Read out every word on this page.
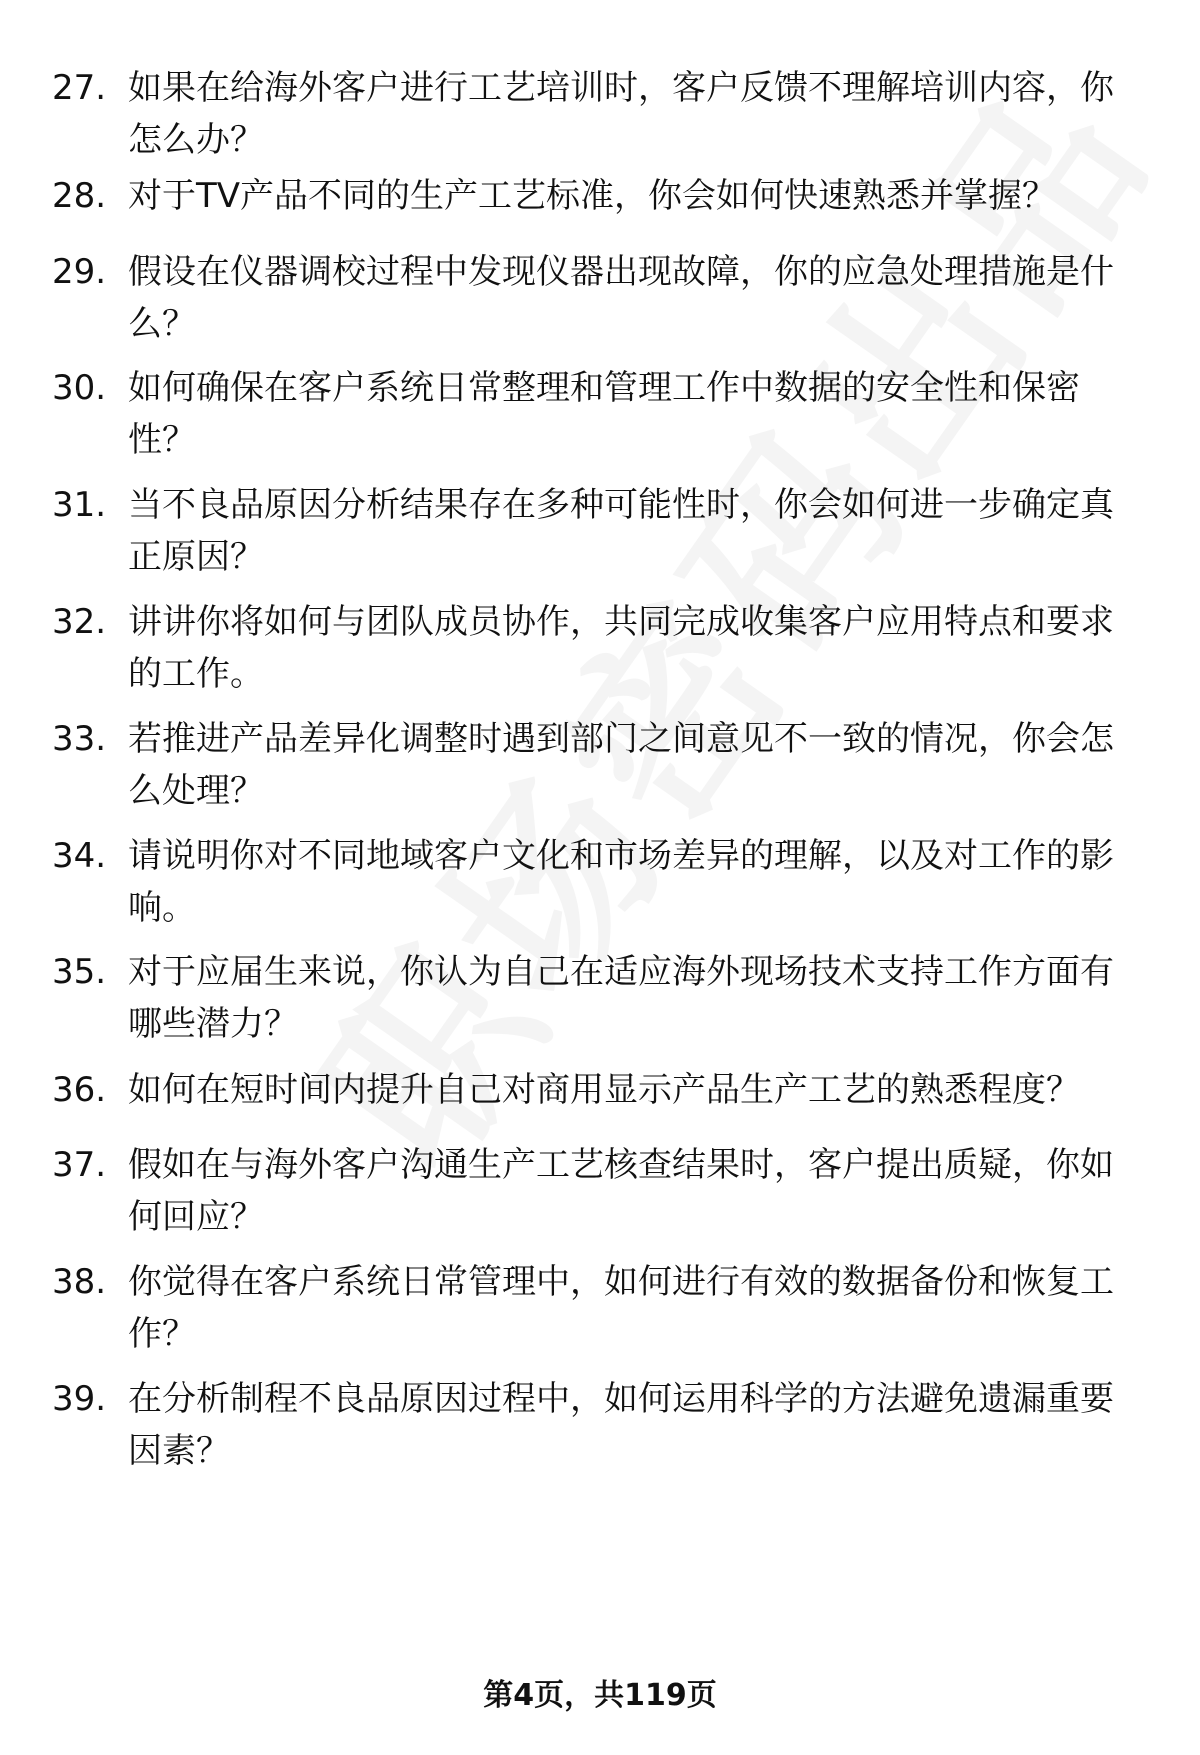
27. 如果在给海外客户进行工艺培训时，客户反馈不理解培训内容，你怎么办？
28. 对于TV产品不同的生产工艺标准，你会如何快速熟悉并掌握？
29. 假设在仪器调校过程中发现仪器出现故障，你的应急处理措施是什么？
30. 如何确保在客户系统日常整理和管理工作中数据的安全性和保密性？
31. 当不良品原因分析结果存在多种可能性时，你会如何进一步确定真正原因？
32. 讲讲你将如何与团队成员协作，共同完成收集客户应用特点和要求的工作。
33. 若推进产品差异化调整时遇到部门之间意见不一致的情况，你会怎么处理？
34. 请说明你对不同地域客户文化和市场差异的理解，以及对工作的影响。
35. 对于应届生来说，你认为自己在适应海外现场技术支持工作方面有哪些潜力？
36. 如何在短时间内提升自己对商用显示产品生产工艺的熟悉程度？
37. 假如在与海外客户沟通生产工艺核查结果时，客户提出质疑，你如何回应？
38. 你觉得在客户系统日常管理中，如何进行有效的数据备份和恢复工作？
39. 在分析制程不良品原因过程中，如何运用科学的方法避免遗漏重要因素？
第4页，共119页
